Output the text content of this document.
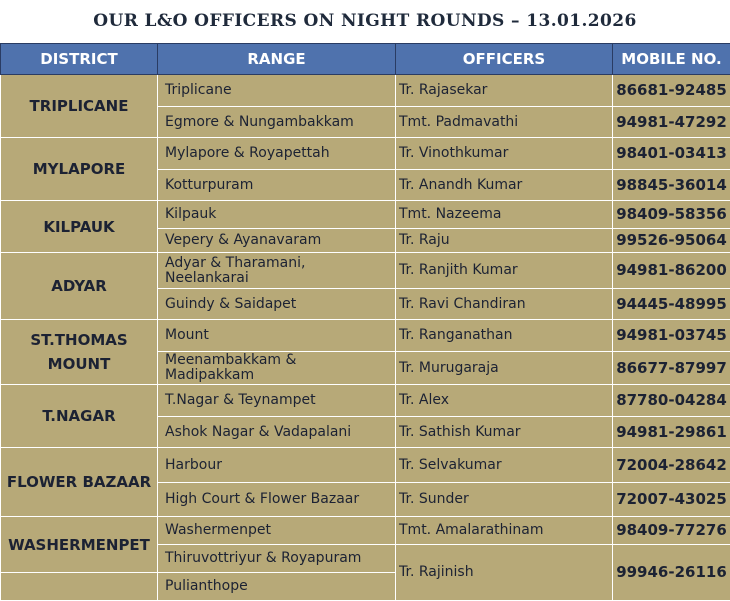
OUR L&O OFFICERS ON NIGHT ROUNDS – 13.01.2026
DISTRICT	RANGE	OFFICERS	MOBILE NO.
TRIPLICANE	Triplicane	Tr. Rajasekar	86681-92485
	Egmore & Nungambakkam	Tmt. Padmavathi	94981-47292
MYLAPORE	Mylapore & Royapettah	Tr. Vinothkumar	98401-03413
	Kotturpuram	Tr. Anandh Kumar	98845-36014
KILPAUK	Kilpauk	Tmt. Nazeema	98409-58356
	Vepery & Ayanavaram	Tr. Raju	99526-95064
ADYAR	Adyar & Tharamani, Neelankarai	Tr. Ranjith Kumar	94981-86200
	Guindy & Saidapet	Tr. Ravi Chandiran	94445-48995
ST.THOMAS MOUNT	Mount	Tr. Ranganathan	94981-03745
	Meenambakkam & Madipakkam	Tr. Murugaraja	86677-87997
T.NAGAR	T.Nagar & Teynampet	Tr. Alex	87780-04284
	Ashok Nagar & Vadapalani	Tr. Sathish Kumar	94981-29861
FLOWER BAZAAR	Harbour	Tr. Selvakumar	72004-28642
	High Court & Flower Bazaar	Tr. Sunder	72007-43025
WASHERMENPET	Washermenpet	Tmt. Amalarathinam	98409-77276
	Thiruvottriyur & Royapuram	Tr. Rajinish	99946-26116
	Pulianthope		
